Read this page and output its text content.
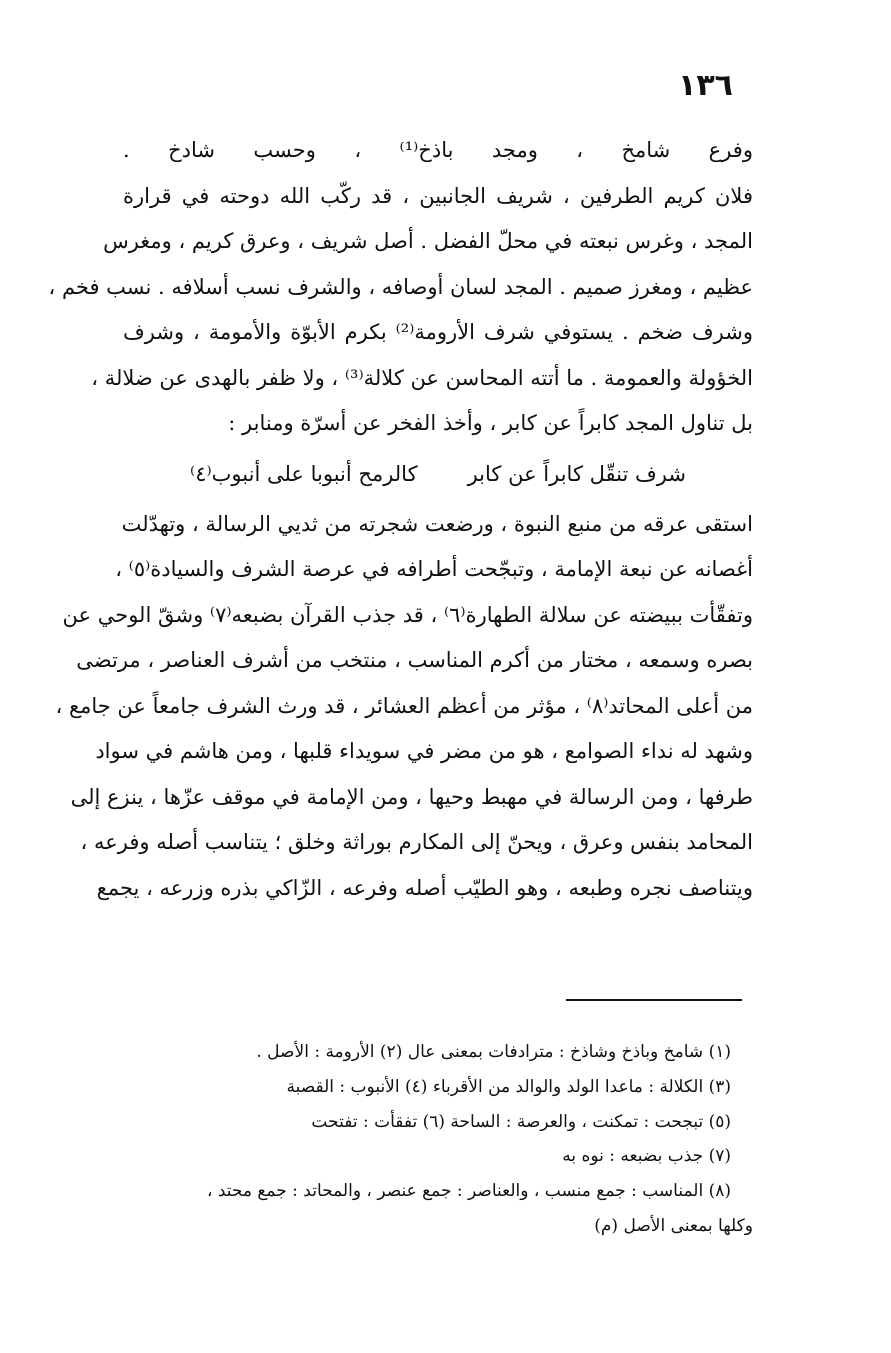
١٣٦
وفرع شامخ ، ومجد باذخ⁽¹⁾ ، وحسب شادخ .
فلان كريم الطرفين ، شريف الجانبين ، قد ركّب الله دوحته في قرارة
المجد ، وغرس نبعته في محلّ الفضل . أصل شريف ، وعرق كريم ، ومغرس
عظيم ، ومغرز صميم . المجد لسان أوصافه ، والشرف نسب أسلافه . نسب فخم ،
وشرف ضخم . يستوفي شرف الأرومة⁽²⁾ بكرم الأبوّة والأمومة ، وشرف
الخؤولة والعمومة . ما أتته المحاسن عن كلالة⁽³⁾ ، ولا ظفر بالهدى عن ضلالة ،
بل تناول المجد كابراً عن كابر ، وأخذ الفخر عن أسرّة ومنابر :
شرف تنقّل كابراً عن كابر
كالرمح أنبوبا على أنبوب⁽٤⁾
استقى عرقه من منبع النبوة ، ورضعت شجرته من ثديي الرسالة ، وتهدّلت
أغصانه عن نبعة الإمامة ، وتبجّحت أطرافه في عرصة الشرف والسيادة⁽٥⁾ ،
وتفقّأت ببيضته عن سلالة الطهارة⁽٦⁾ ، قد جذب القرآن بضبعه⁽٧⁾ وشقّ الوحي عن
بصره وسمعه ، مختار من أكرم المناسب ، منتخب من أشرف العناصر ، مرتضى
من أعلى المحاتد⁽٨⁾ ، مؤثر من أعظم العشائر ، قد ورث الشرف جامعاً عن جامع ،
وشهد له نداء الصوامع ، هو من مضر في سويداء قلبها ، ومن هاشم في سواد
طرفها ، ومن الرسالة في مهبط وحيها ، ومن الإمامة في موقف عزّها ، ينزع إلى
المحامد بنفس وعرق ، ويحنّ إلى المكارم بوراثة وخلق ؛ يتناسب أصله وفرعه ،
ويتناصف نجره وطبعه ، وهو الطيّب أصله وفرعه ، الزّاكي بذره وزرعه ، يجمع
(١) شامخ وباذخ وشاذخ : مترادفات بمعنى عال (٢) الأرومة : الأصل .
(٣) الكلالة : ماعدا الولد والوالد من الأقرباء (٤) الأنبوب : القصبة
(٥) تبجحت : تمكنت ، والعرصة : الساحة (٦) تفقأت : تفتحت
(٧) جذب بضبعه : نوه به
(٨) المناسب : جمع منسب ، والعناصر : جمع عنصر ، والمحاتد : جمع محتد ،
وكلها بمعنى الأصل (م)
